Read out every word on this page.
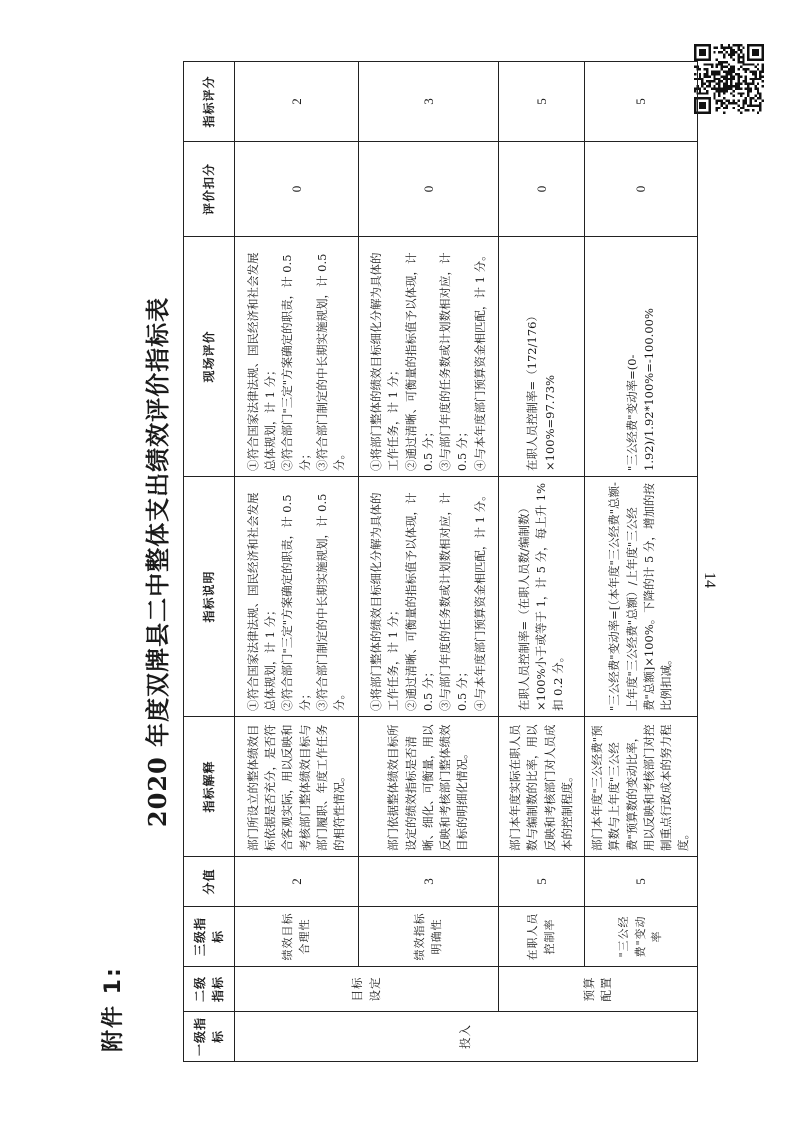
14
附件 1:
2020 年度双牌县二中整体支出绩效评价指标表
一级指标	二级指标	三级指标	分值	指标解释	指标说明	现场评价	评价扣分	指标评分
投入	目标设定	绩效目标合理性	2	部门所设立的整体绩效目标依据是否充分，是否符合客观实际，用以反映和考核部门整体绩效目标与部门履职、年度工作任务的相符性情况。	①符合国家法律法规、国民经济和社会发展总体规划，计 1 分；
②符合部门"三定"方案确定的职责，计 0.5 分；
③符合部门制定的中长期实施规划，计 0.5 分。	①符合国家法律法规、国民经济和社会发展总体规划，计 1 分；
②符合部门"三定"方案确定的职责，计 0.5 分；
③符合部门制定的中长期实施规划，计 0.5 分。	0	2
		绩效指标明确性	3	部门依据整体绩效目标所设定的绩效指标是否清晰、细化、可衡量，用以反映和考核部门整体绩效目标的明细化情况。	①将部门整体的绩效目标细化分解为具体的工作任务，计 1 分；
②通过清晰、可衡量的指标值予以体现，计 0.5 分；
③与部门年度的任务数或计划数相对应，计 0.5 分；
④与本年度部门预算资金相匹配，计 1 分。	①将部门整体的绩效目标细化分解为具体的工作任务，计 1 分；
②通过清晰、可衡量的指标值予以体现，计 0.5 分；
③与部门年度的任务数或计划数相对应，计 0.5 分；
④与本年度部门预算资金相匹配，计 1 分。	0	3
	预算配置	在职人员控制率	5	部门本年度实际在职人员数与编制数的比率，用以反映和考核部门对人员成本的控制程度。	在职人员控制率=（在职人员数/编制数）×100%小于或等于 1，计 5 分，每上升 1%扣 0.2 分。	在职人员控制率=（172/176）×100%=97.73%	0	5
		"三公经费"变动率	5	部门本年度"三公经费"预算数与上年度"三公经费"预算数的变动比率，用以反映和考核部门对控制重点行政成本的努力程度。	"三公经费"变动率=[（本年度"三公经费"总额-上年度"三公经费"总额）/上年度"三公经费"总额]×100%。下降的计 5 分，增加的按比例扣减。	"三公经费"变动率=(0-1.92)/1.92*100%=-100.00%	0	5
